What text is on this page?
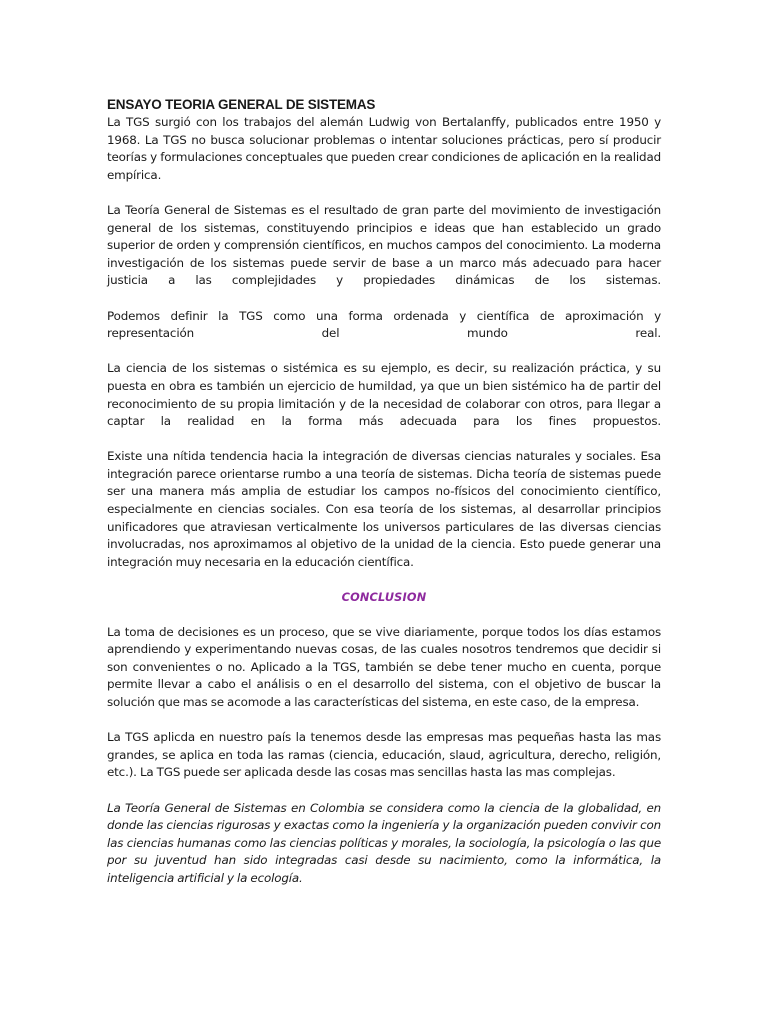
ENSAYO TEORIA GENERAL DE SISTEMAS

La TGS surgió con los trabajos del alemán Ludwig von Bertalanffy, publicados entre 1950 y 1968. La TGS no busca solucionar problemas o intentar soluciones prácticas, pero sí producir teorías y formulaciones conceptuales que pueden crear condiciones de aplicación en la realidad empírica.

La Teoría General de Sistemas es el resultado de gran parte del movimiento de investigación general de los sistemas, constituyendo principios e ideas que han establecido un grado superior de orden y comprensión científicos, en muchos campos del conocimiento. La moderna investigación de los sistemas puede servir de base a un marco más adecuado para hacer justicia a las complejidades y propiedades dinámicas de los sistemas.

Podemos definir la TGS como una forma ordenada y científica de aproximación y representación del mundo real.

La ciencia de los sistemas o sistémica es su ejemplo, es decir, su realización práctica, y su puesta en obra es también un ejercicio de humildad, ya que un bien sistémico ha de partir del reconocimiento de su propia limitación y de la necesidad de colaborar con otros, para llegar a captar la realidad en la forma más adecuada para los fines propuestos.

Existe una nítida tendencia hacia la integración de diversas ciencias naturales y sociales. Esa integración parece orientarse rumbo a una teoría de sistemas. Dicha teoría de sistemas puede ser una manera más amplia de estudiar los campos no-físicos del conocimiento científico, especialmente en ciencias sociales. Con esa teoría de los sistemas, al desarrollar principios unificadores que atraviesan verticalmente los universos particulares de las diversas ciencias involucradas, nos aproximamos al objetivo de la unidad de la ciencia. Esto puede generar una integración muy necesaria en la educación científica.

CONCLUSION

La toma de decisiones es un proceso, que se vive diariamente, porque todos los días estamos aprendiendo y experimentando nuevas cosas, de las cuales nosotros tendremos que decidir si son convenientes o no. Aplicado a la TGS, también se debe tener mucho en cuenta, porque permite llevar a cabo el análisis o en el desarrollo del sistema, con el objetivo de buscar la solución que mas se acomode a las características del sistema, en este caso, de la empresa.

La TGS aplicda en nuestro país la tenemos desde las empresas mas pequeñas hasta las mas grandes, se aplica en toda las ramas (ciencia, educación, slaud, agricultura, derecho, religión, etc.). La TGS puede ser aplicada desde las cosas mas sencillas hasta las mas complejas.

La Teoría General de Sistemas en Colombia se considera como la ciencia de la globalidad, en donde las ciencias rigurosas y exactas como la ingeniería y la organización pueden convivir con las ciencias humanas como las ciencias políticas y morales, la sociología, la psicología o las que por su juventud han sido integradas casi desde su nacimiento, como la informática, la inteligencia artificial y la ecología.
